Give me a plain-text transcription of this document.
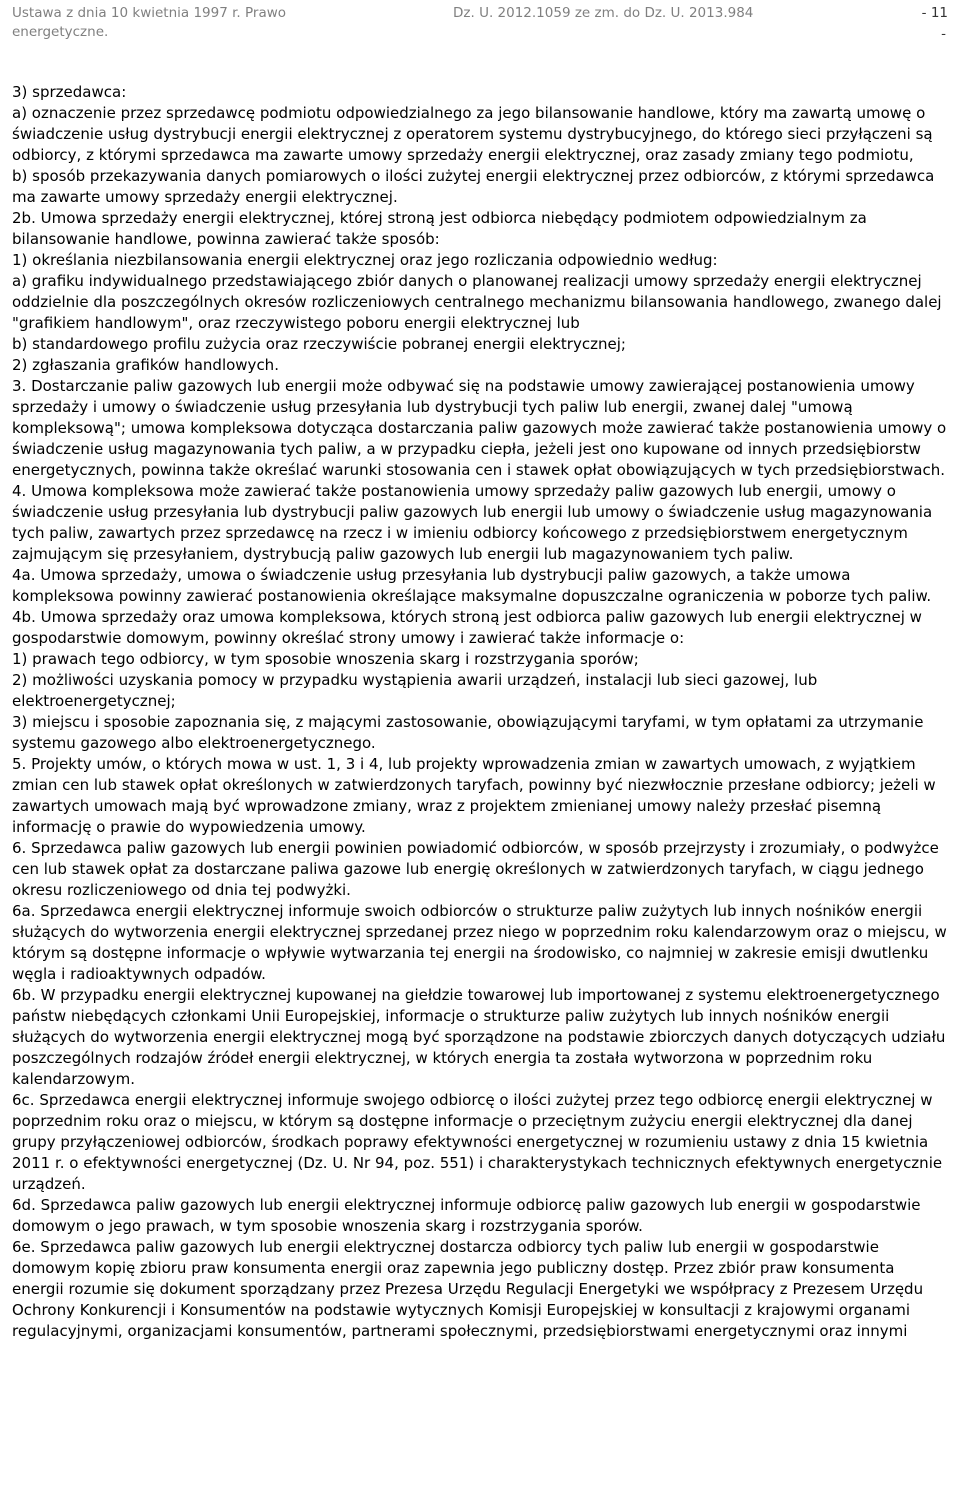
Ustawa z dnia 10 kwietnia 1997 r. Prawo
energetyczne.
Dz. U. 2012.1059 ze zm. do Dz. U. 2013.984	- 11
-

3) sprzedawca:

a) oznaczenie przez sprzedawcę podmiotu odpowiedzialnego za jego bilansowanie handlowe, który ma zawartą umowę o świadczenie usług dystrybucji energii elektrycznej z operatorem systemu dystrybucyjnego, do którego sieci przyłączeni są odbiorcy, z którymi sprzedawca ma zawarte umowy sprzedaży energii elektrycznej, oraz zasady zmiany tego podmiotu,

b) sposób przekazywania danych pomiarowych o ilości zużytej energii elektrycznej przez odbiorców, z którymi sprzedawca ma zawarte umowy sprzedaży energii elektrycznej.

2b. Umowa sprzedaży energii elektrycznej, której stroną jest odbiorca niebędący podmiotem odpowiedzialnym za bilansowanie handlowe, powinna zawierać także sposób:

1) określania niezbilansowania energii elektrycznej oraz jego rozliczania odpowiednio według:

a) grafiku indywidualnego przedstawiającego zbiór danych o planowanej realizacji umowy sprzedaży energii elektrycznej oddzielnie dla poszczególnych okresów rozliczeniowych centralnego mechanizmu bilansowania handlowego, zwanego dalej "grafikiem handlowym", oraz rzeczywistego poboru energii elektrycznej lub

b) standardowego profilu zużycia oraz rzeczywiście pobranej energii elektrycznej;

2) zgłaszania grafików handlowych.

3. Dostarczanie paliw gazowych lub energii może odbywać się na podstawie umowy zawierającej postanowienia umowy sprzedaży i umowy o świadczenie usług przesyłania lub dystrybucji tych paliw lub energii, zwanej dalej "umową kompleksową"; umowa kompleksowa dotycząca dostarczania paliw gazowych może zawierać także postanowienia umowy o świadczenie usług magazynowania tych paliw, a w przypadku ciepła, jeżeli jest ono kupowane od innych przedsiębiorstw energetycznych, powinna także określać warunki stosowania cen i stawek opłat obowiązujących w tych przedsiębiorstwach.

4. Umowa kompleksowa może zawierać także postanowienia umowy sprzedaży paliw gazowych lub energii, umowy o świadczenie usług przesyłania lub dystrybucji paliw gazowych lub energii lub umowy o świadczenie usług magazynowania tych paliw, zawartych przez sprzedawcę na rzecz i w imieniu odbiorcy końcowego z przedsiębiorstwem energetycznym zajmującym się przesyłaniem, dystrybucją paliw gazowych lub energii lub magazynowaniem tych paliw.

4a. Umowa sprzedaży, umowa o świadczenie usług przesyłania lub dystrybucji paliw gazowych, a także umowa kompleksowa powinny zawierać postanowienia określające maksymalne dopuszczalne ograniczenia w poborze tych paliw.

4b. Umowa sprzedaży oraz umowa kompleksowa, których stroną jest odbiorca paliw gazowych lub energii elektrycznej w gospodarstwie domowym, powinny określać strony umowy i zawierać także informacje o:

1) prawach tego odbiorcy, w tym sposobie wnoszenia skarg i rozstrzygania sporów;

2) możliwości uzyskania pomocy w przypadku wystąpienia awarii urządzeń, instalacji lub sieci gazowej, lub elektroenergetycznej;

3) miejscu i sposobie zapoznania się, z mającymi zastosowanie, obowiązującymi taryfami, w tym opłatami za utrzymanie systemu gazowego albo elektroenergetycznego.

5. Projekty umów, o których mowa w ust. 1, 3 i 4, lub projekty wprowadzenia zmian w zawartych umowach, z wyjątkiem zmian cen lub stawek opłat określonych w zatwierdzonych taryfach, powinny być niezwłocznie przesłane odbiorcy; jeżeli w zawartych umowach mają być wprowadzone zmiany, wraz z projektem zmienianej umowy należy przesłać pisemną informację o prawie do wypowiedzenia umowy.

6. Sprzedawca paliw gazowych lub energii powinien powiadomić odbiorców, w sposób przejrzysty i zrozumiały, o podwyżce cen lub stawek opłat za dostarczane paliwa gazowe lub energię określonych w zatwierdzonych taryfach, w ciągu jednego okresu rozliczeniowego od dnia tej podwyżki.

6a. Sprzedawca energii elektrycznej informuje swoich odbiorców o strukturze paliw zużytych lub innych nośników energii służących do wytworzenia energii elektrycznej sprzedanej przez niego w poprzednim roku kalendarzowym oraz o miejscu, w którym są dostępne informacje o wpływie wytwarzania tej energii na środowisko, co najmniej w zakresie emisji dwutlenku węgla i radioaktywnych odpadów.

6b. W przypadku energii elektrycznej kupowanej na giełdzie towarowej lub importowanej z systemu elektroenergetycznego państw niebędących członkami Unii Europejskiej, informacje o strukturze paliw zużytych lub innych nośników energii służących do wytworzenia energii elektrycznej mogą być sporządzone na podstawie zbiorczych danych dotyczących udziału poszczególnych rodzajów źródeł energii elektrycznej, w których energia ta została wytworzona w poprzednim roku kalendarzowym.

6c. Sprzedawca energii elektrycznej informuje swojego odbiorcę o ilości zużytej przez tego odbiorcę energii elektrycznej w poprzednim roku oraz o miejscu, w którym są dostępne informacje o przeciętnym zużyciu energii elektrycznej dla danej grupy przyłączeniowej odbiorców, środkach poprawy efektywności energetycznej w rozumieniu ustawy z dnia 15 kwietnia 2011 r. o efektywności energetycznej (Dz. U. Nr 94, poz. 551) i charakterystykach technicznych efektywnych energetycznie urządzeń.

6d. Sprzedawca paliw gazowych lub energii elektrycznej informuje odbiorcę paliw gazowych lub energii w gospodarstwie domowym o jego prawach, w tym sposobie wnoszenia skarg i rozstrzygania sporów.

6e. Sprzedawca paliw gazowych lub energii elektrycznej dostarcza odbiorcy tych paliw lub energii w gospodarstwie domowym kopię zbioru praw konsumenta energii oraz zapewnia jego publiczny dostęp. Przez zbiór praw konsumenta energii rozumie się dokument sporządzany przez Prezesa Urzędu Regulacji Energetyki we współpracy z Prezesem Urzędu Ochrony Konkurencji i Konsumentów na podstawie wytycznych Komisji Europejskiej w konsultacji z krajowymi organami regulacyjnymi, organizacjami konsumentów, partnerami społecznymi, przedsiębiorstwami energetycznymi oraz innymi
